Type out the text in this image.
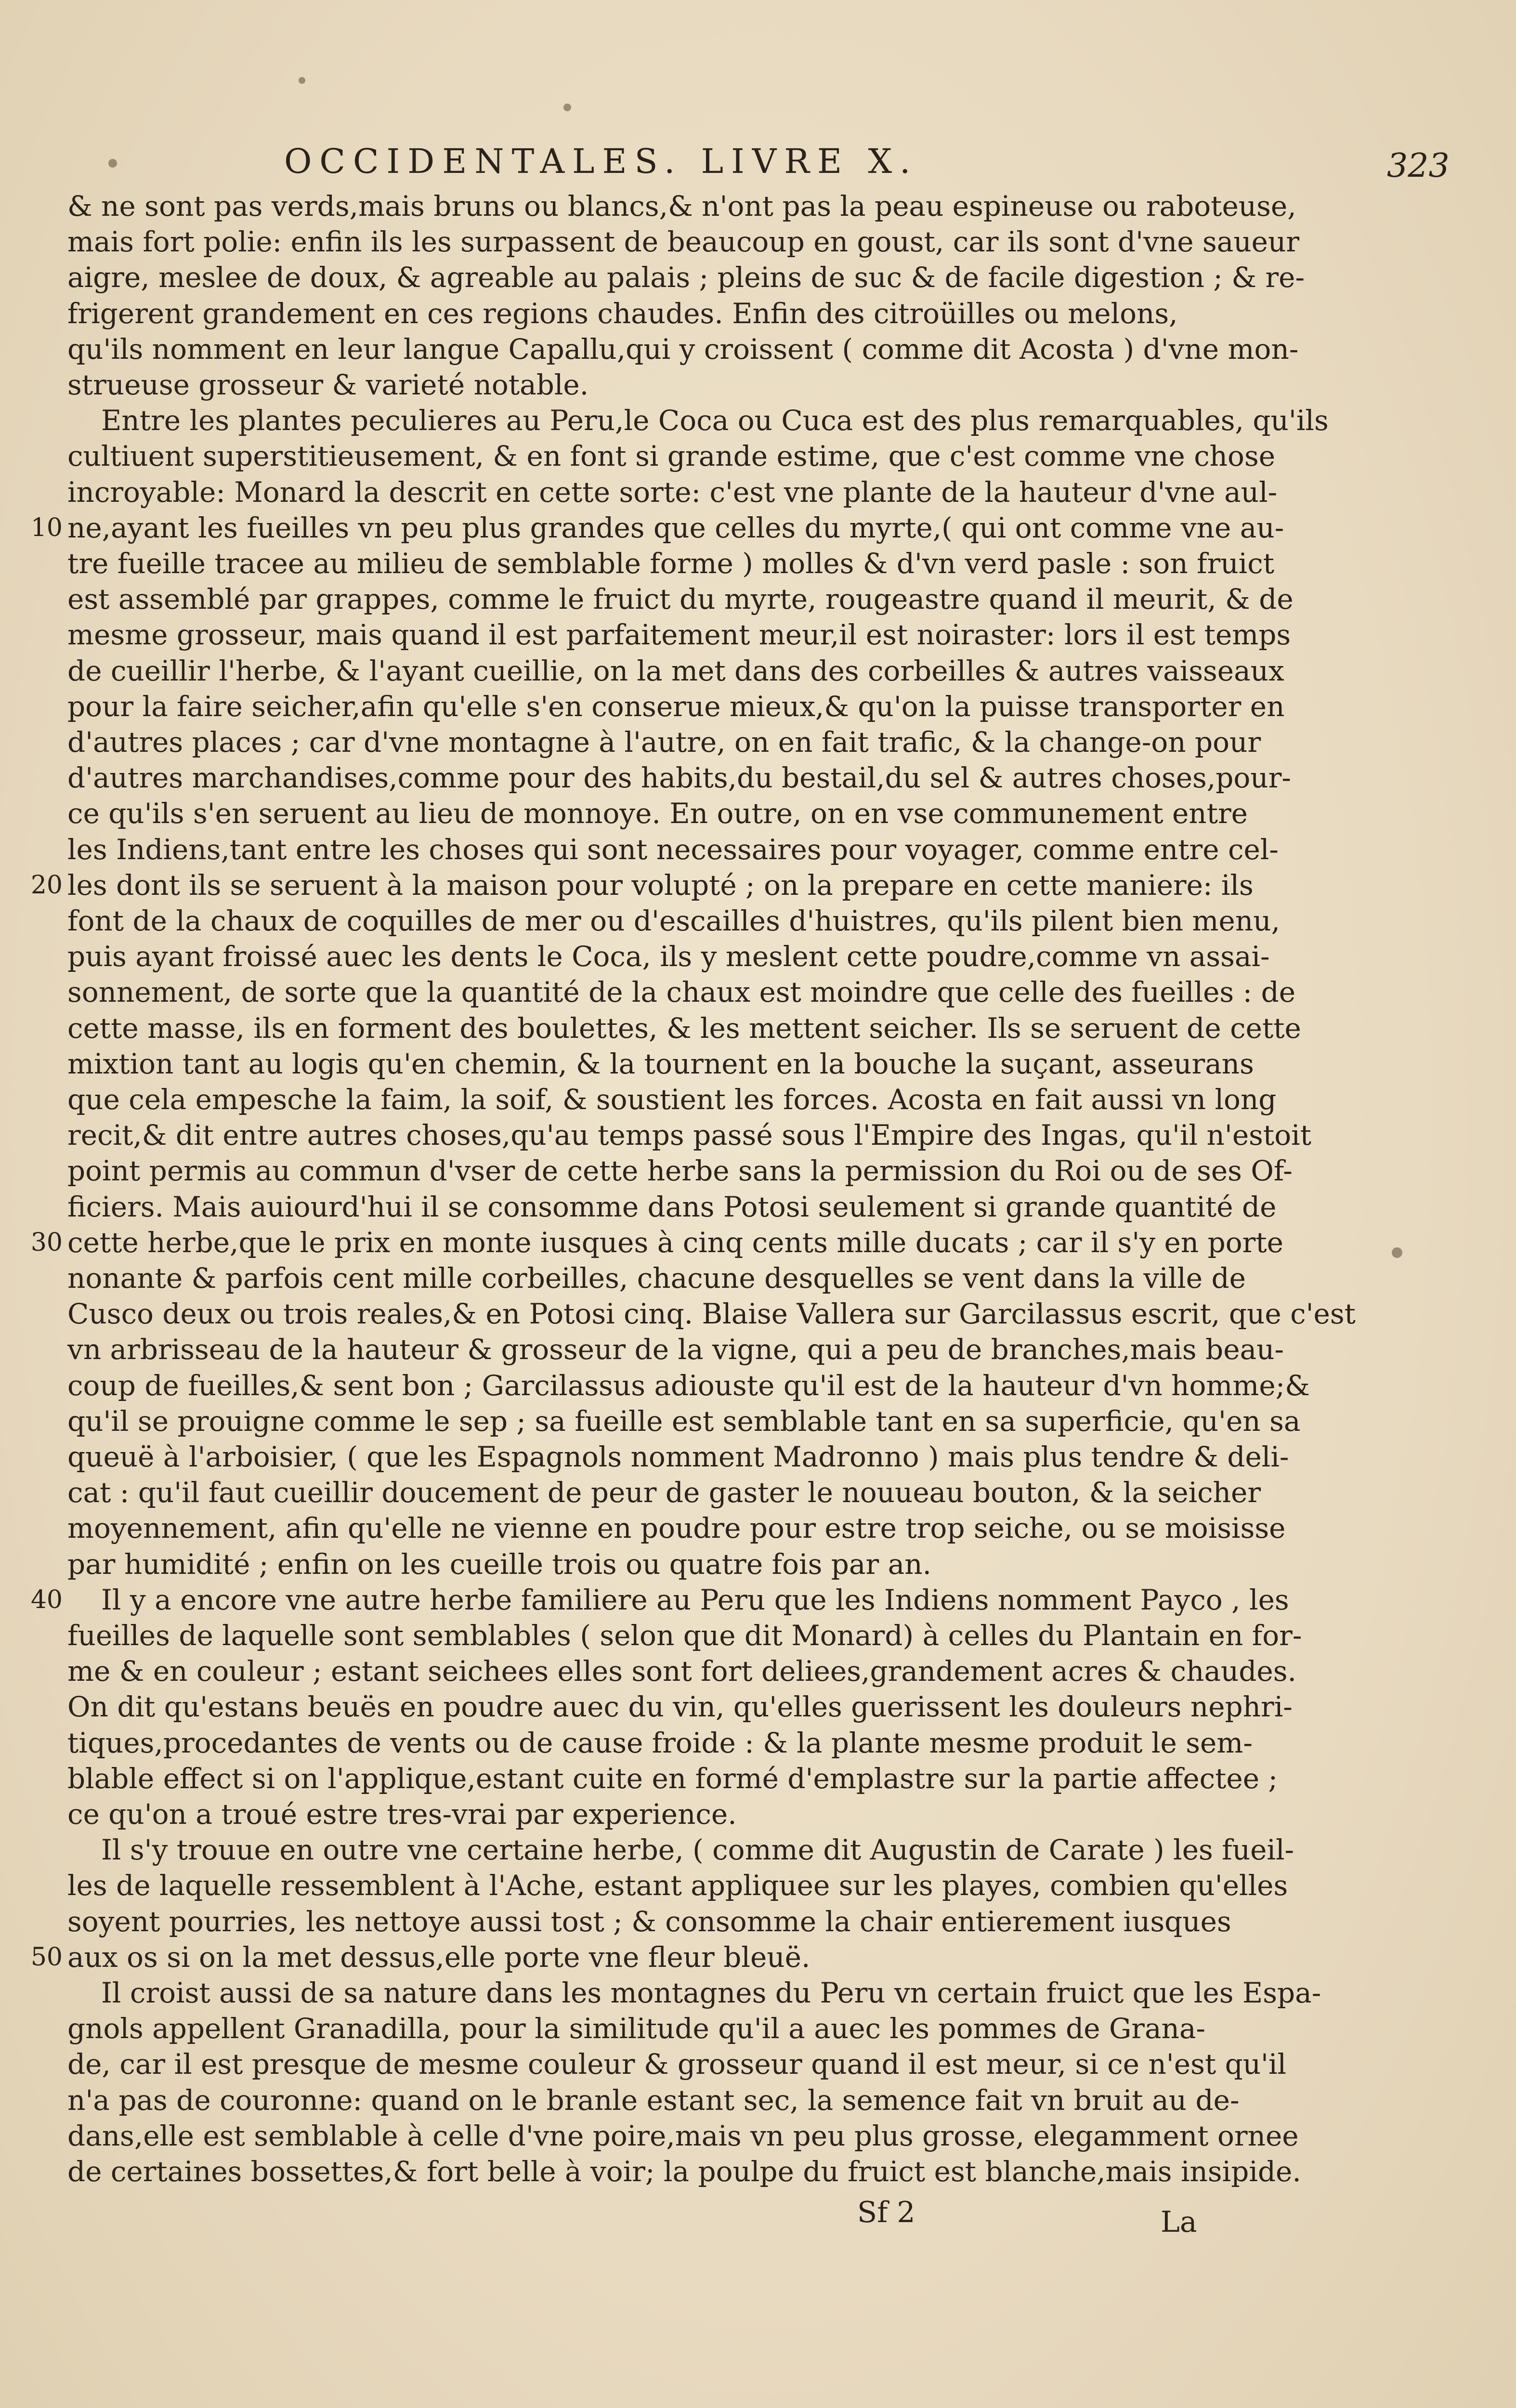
OCCIDENTALES. LIVRE X.	323
& ne sont pas verds,mais bruns ou blancs,& n'ont pas la peau espineuse ou raboteuse,
mais fort polie: enfin ils les surpassent de beaucoup en goust, car ils sont d'vne saueur
aigre, meslee de doux, & agreable au palais ; pleins de suc & de facile digestion ; & re-
frigerent grandement en ces regions chaudes. Enfin des citroüilles ou melons,
qu'ils nomment en leur langue Capallu,qui y croissent ( comme dit Acosta ) d'vne mon-
strueuse grosseur & varieté notable.
Entre les plantes peculieres au Peru,le Coca ou Cuca est des plus remarquables, qu'ils
cultiuent superstitieusement, & en font si grande estime, que c'est comme vne chose
incroyable: Monard la descrit en cette sorte: c'est vne plante de la hauteur d'vne aul-
ne,ayant les fueilles vn peu plus grandes que celles du myrte,( qui ont comme vne au-
10
tre fueille tracee au milieu de semblable forme ) molles & d'vn verd pasle : son fruict
est assemblé par grappes, comme le fruict du myrte, rougeastre quand il meurit, & de
mesme grosseur, mais quand il est parfaitement meur,il est noiraster: lors il est temps
de cueillir l'herbe, & l'ayant cueillie, on la met dans des corbeilles & autres vaisseaux
pour la faire seicher,afin qu'elle s'en conserue mieux,& qu'on la puisse transporter en
d'autres places ; car d'vne montagne à l'autre, on en fait trafic, & la change-on pour
d'autres marchandises,comme pour des habits,du bestail,du sel & autres choses,pour-
ce qu'ils s'en seruent au lieu de monnoye. En outre, on en vse communement entre
les Indiens,tant entre les choses qui sont necessaires pour voyager, comme entre cel-
les dont ils se seruent à la maison pour volupté ; on la prepare en cette maniere: ils
20
font de la chaux de coquilles de mer ou d'escailles d'huistres, qu'ils pilent bien menu,
puis ayant froissé auec les dents le Coca, ils y meslent cette poudre,comme vn assai-
sonnement, de sorte que la quantité de la chaux est moindre que celle des fueilles : de
cette masse, ils en forment des boulettes, & les mettent seicher. Ils se seruent de cette
mixtion tant au logis qu'en chemin, & la tournent en la bouche la suçant, asseurans
que cela empesche la faim, la soif, & soustient les forces. Acosta en fait aussi vn long
recit,& dit entre autres choses,qu'au temps passé sous l'Empire des Ingas, qu'il n'estoit
point permis au commun d'vser de cette herbe sans la permission du Roi ou de ses Of-
ficiers. Mais auiourd'hui il se consomme dans Potosi seulement si grande quantité de
cette herbe,que le prix en monte iusques à cinq cents mille ducats ; car il s'y en porte
30
nonante & parfois cent mille corbeilles, chacune desquelles se vent dans la ville de
Cusco deux ou trois reales,& en Potosi cinq. Blaise Vallera sur Garcilassus escrit, que c'est
vn arbrisseau de la hauteur & grosseur de la vigne, qui a peu de branches,mais beau-
coup de fueilles,& sent bon ; Garcilassus adiouste qu'il est de la hauteur d'vn homme;&
qu'il se prouigne comme le sep ; sa fueille est semblable tant en sa superficie, qu'en sa
queuë à l'arboisier, ( que les Espagnols nomment Madronno ) mais plus tendre & deli-
cat : qu'il faut cueillir doucement de peur de gaster le nouueau bouton, & la seicher
moyennement, afin qu'elle ne vienne en poudre pour estre trop seiche, ou se moisisse
par humidité ; enfin on les cueille trois ou quatre fois par an.
Il y a encore vne autre herbe familiere au Peru que les Indiens nomment Payco , les
40
fueilles de laquelle sont semblables ( selon que dit Monard) à celles du Plantain en for-
me & en couleur ; estant seichees elles sont fort deliees,grandement acres & chaudes.
On dit qu'estans beuës en poudre auec du vin, qu'elles guerissent les douleurs nephri-
tiques,procedantes de vents ou de cause froide : & la plante mesme produit le sem-
blable effect si on l'applique,estant cuite en formé d'emplastre sur la partie affectee ;
ce qu'on a troué estre tres-vrai par experience.
Il s'y trouue en outre vne certaine herbe, ( comme dit Augustin de Carate ) les fueil-
les de laquelle ressemblent à l'Ache, estant appliquee sur les playes, combien qu'elles
soyent pourries, les nettoye aussi tost ; & consomme la chair entierement iusques
aux os si on la met dessus,elle porte vne fleur bleuë.
50
Il croist aussi de sa nature dans les montagnes du Peru vn certain fruict que les Espa-
gnols appellent Granadilla, pour la similitude qu'il a auec les pommes de Grana-
de, car il est presque de mesme couleur & grosseur quand il est meur, si ce n'est qu'il
n'a pas de couronne: quand on le branle estant sec, la semence fait vn bruit au de-
dans,elle est semblable à celle d'vne poire,mais vn peu plus grosse, elegamment ornee
de certaines bossettes,& fort belle à voir; la poulpe du fruict est blanche,mais insipide.
Sf 2	La
